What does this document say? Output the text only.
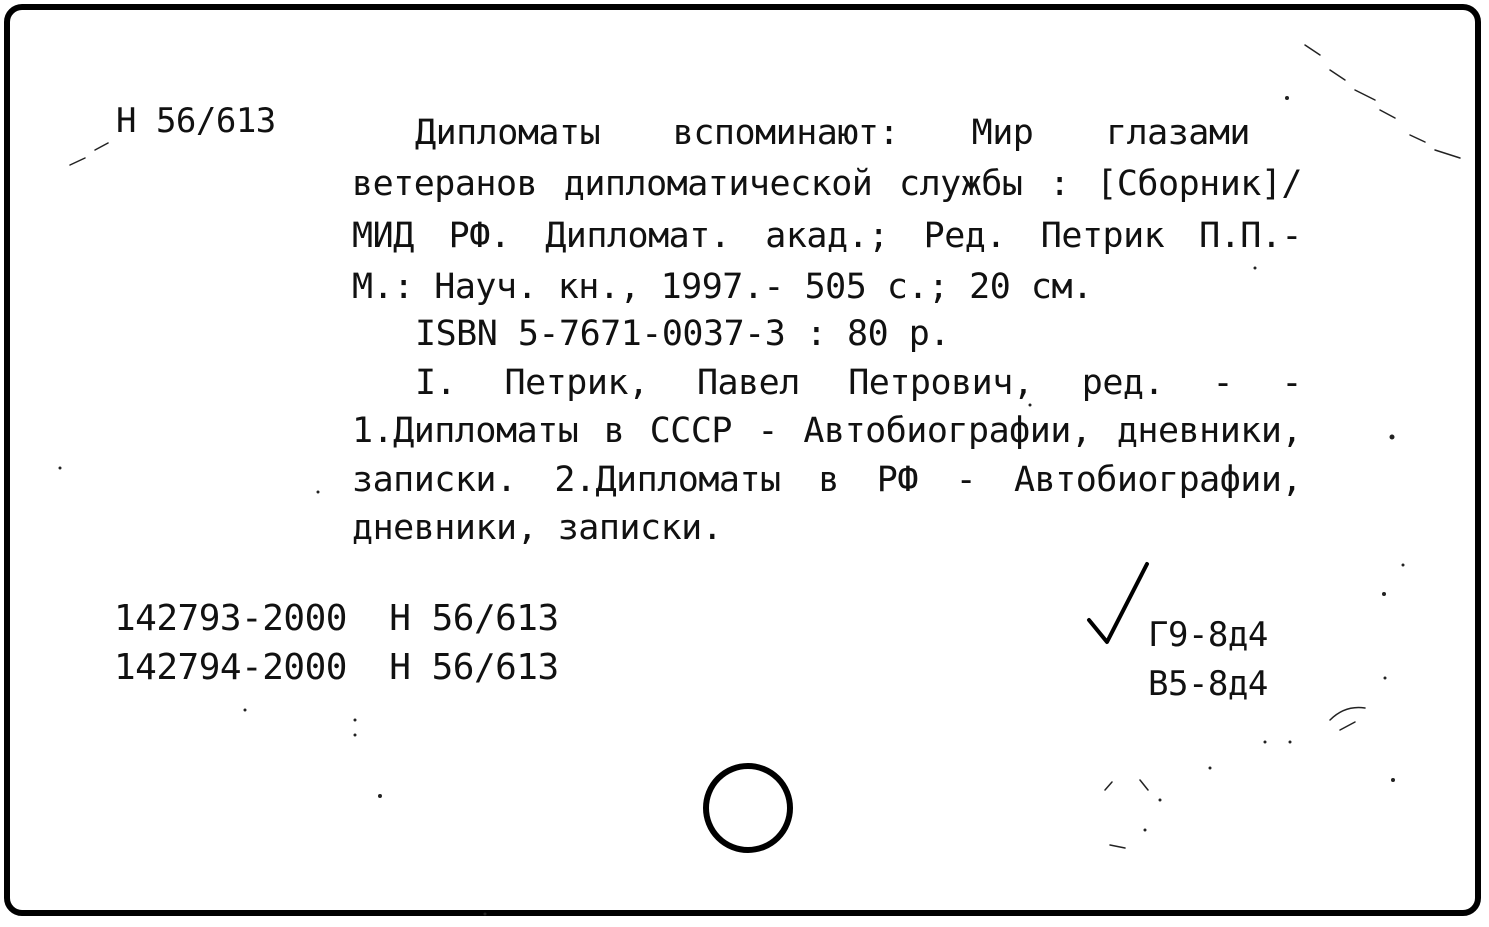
Н 56/613	Дипломаты вспоминают: Мир глазами
ветеранов дипломатической службы : [Сборник]/
МИД РФ. Дипломат. акад.; Ред. Петрик П.П.-
М.: Науч. кн., 1997.- 505 с.; 20 см.
ISBN 5-7671-0037-3 : 80 р.
I. Петрик, Павел Петрович, ред. - -
1.Дипломаты в СССР - Автобиографии, дневники,
записки. 2.Дипломаты в РФ - Автобиографии,
дневники, записки.
142793-2000  Н 56/613
142794-2000  Н 56/613
Г9-8д4
В5-8д4
